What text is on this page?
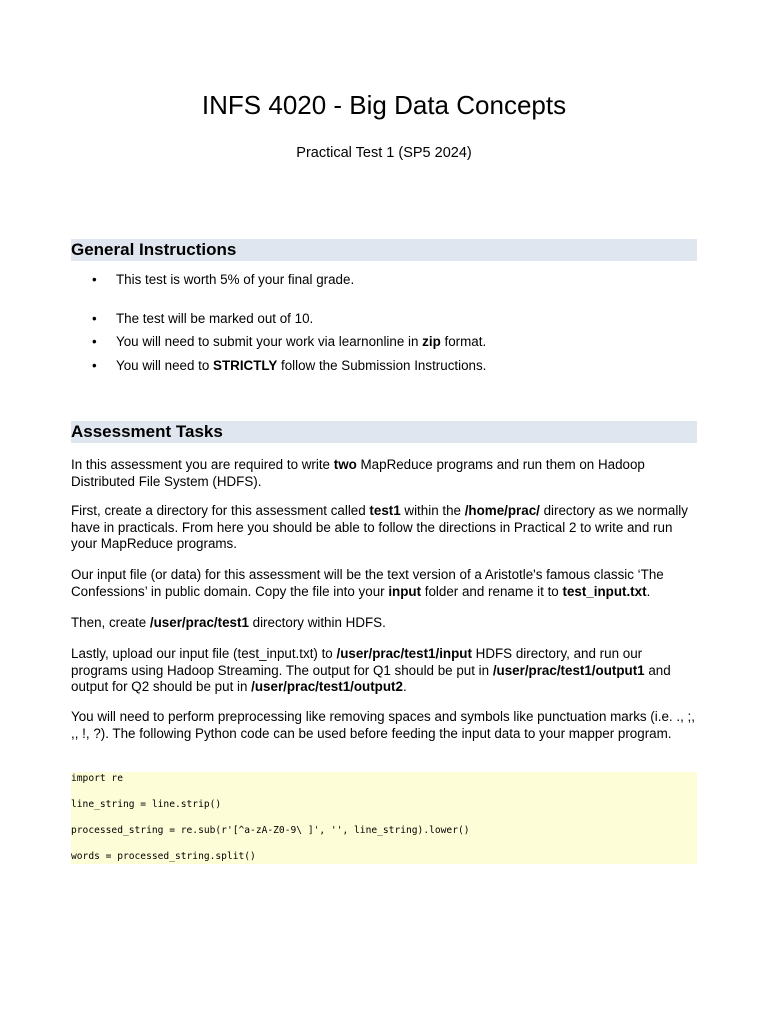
INFS 4020 - Big Data Concepts
Practical Test 1 (SP5 2024)
General Instructions
• This test is worth 5% of your final grade.
• The test will be marked out of 10.
• You will need to submit your work via learnonline in zip format.
• You will need to STRICTLY follow the Submission Instructions.
Assessment Tasks
In this assessment you are required to write two MapReduce programs and run them on Hadoop Distributed File System (HDFS).
First, create a directory for this assessment called test1 within the /home/prac/ directory as we normally have in practicals. From here you should be able to follow the directions in Practical 2 to write and run your MapReduce programs.
Our input file (or data) for this assessment will be the text version of a Aristotle's famous classic ‘The Confessions’ in public domain. Copy the file into your input folder and rename it to test_input.txt.
Then, create /user/prac/test1 directory within HDFS.
Lastly, upload our input file (test_input.txt) to /user/prac/test1/input HDFS directory, and run our programs using Hadoop Streaming. The output for Q1 should be put in /user/prac/test1/output1 and output for Q2 should be put in /user/prac/test1/output2.
You will need to perform preprocessing like removing spaces and symbols like punctuation marks (i.e. ., ;, ,, !, ?). The following Python code can be used before feeding the input data to your mapper program.
import re
line_string = line.strip()
processed_string = re.sub(r'[^a-zA-Z0-9\ ]', '', line_string).lower()
words = processed_string.split()
